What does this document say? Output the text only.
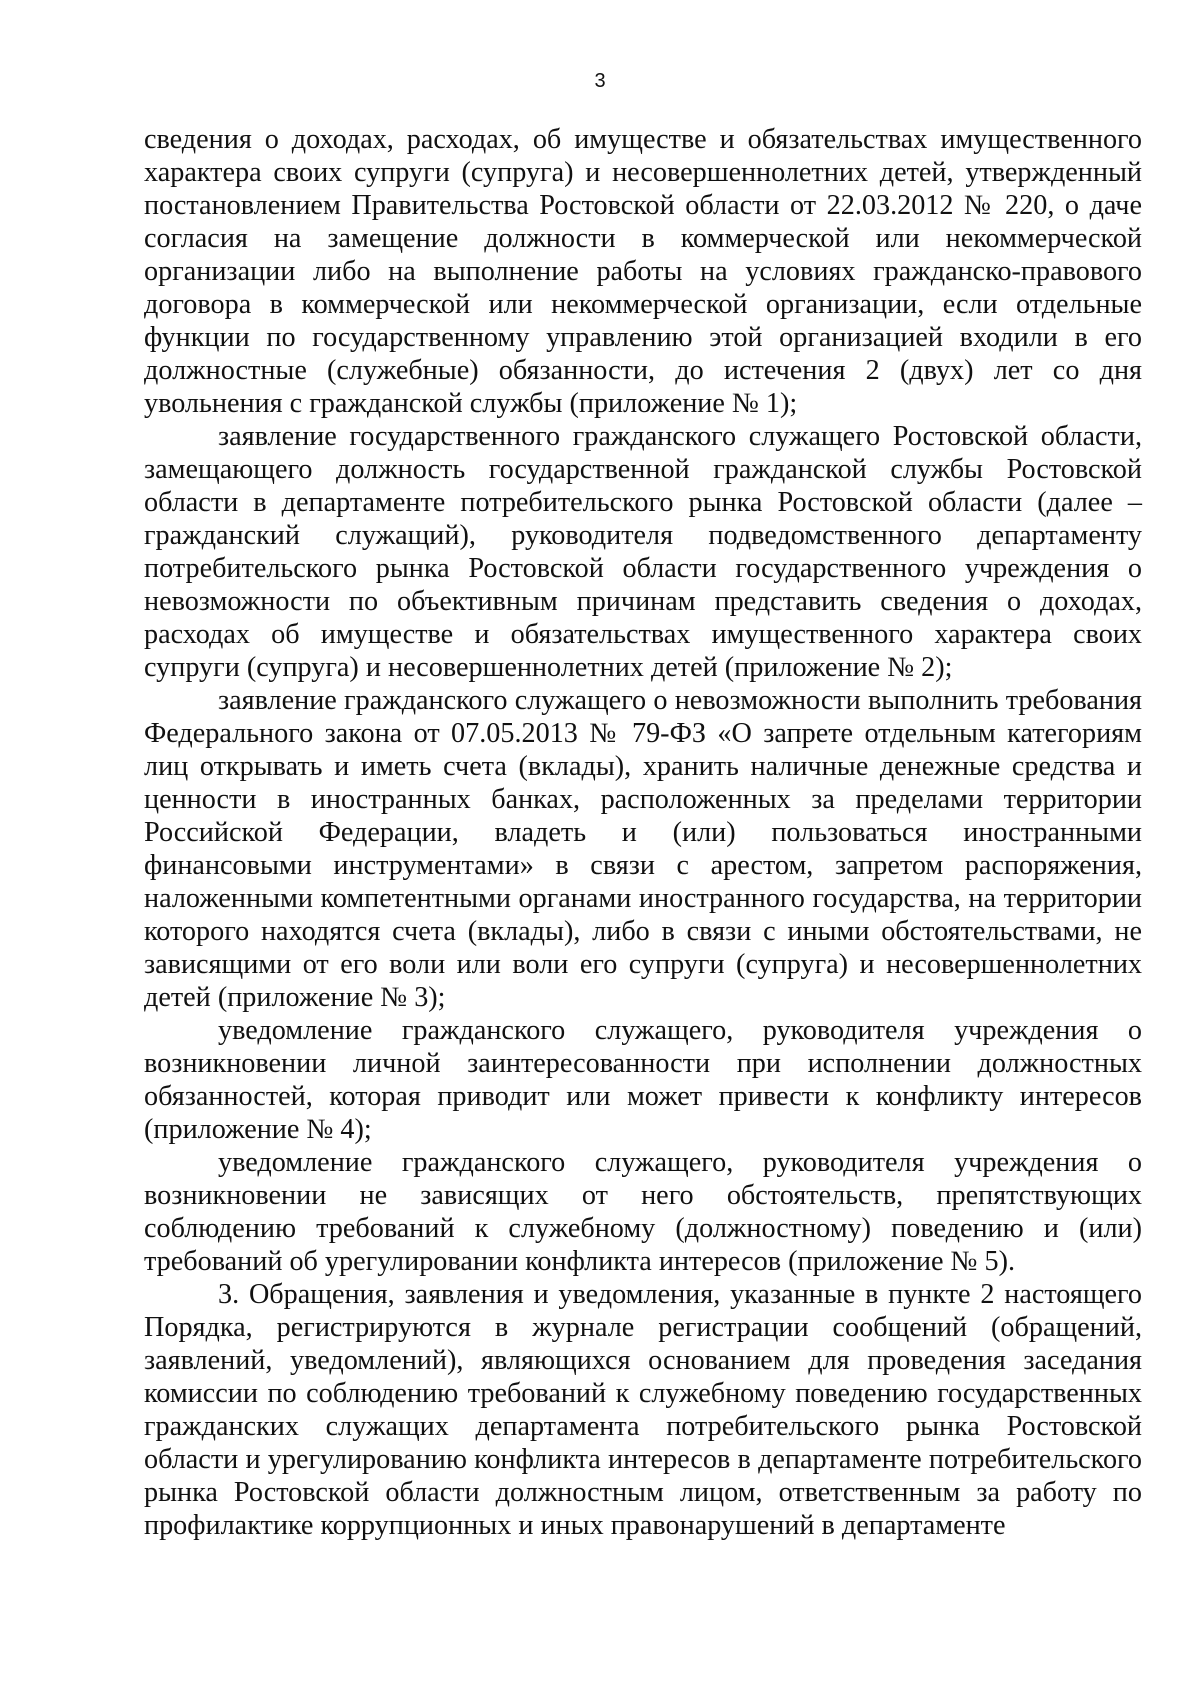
3

сведения о доходах, расходах, об имуществе и обязательствах имущественного характера своих супруги (супруга) и несовершеннолетних детей, утвержденный постановлением Правительства Ростовской области от 22.03.2012 № 220, о даче согласия на замещение должности в коммерческой или некоммерческой организации либо на выполнение работы на условиях гражданско-правового договора в коммерческой или некоммерческой организации, если отдельные функции по государственному управлению этой организацией входили в его должностные (служебные) обязанности, до истечения 2 (двух) лет со дня увольнения с гражданской службы (приложение № 1);

заявление государственного гражданского служащего Ростовской области, замещающего должность государственной гражданской службы Ростовской области в департаменте потребительского рынка Ростовской области (далее – гражданский служащий), руководителя подведомственного департаменту потребительского рынка Ростовской области государственного учреждения о невозможности по объективным причинам представить сведения о доходах, расходах об имуществе и обязательствах имущественного характера своих супруги (супруга) и несовершеннолетних детей (приложение № 2);

заявление гражданского служащего о невозможности выполнить требования Федерального закона от 07.05.2013 № 79-ФЗ «О запрете отдельным категориям лиц открывать и иметь счета (вклады), хранить наличные денежные средства и ценности в иностранных банках, расположенных за пределами территории Российской Федерации, владеть и (или) пользоваться иностранными финансовыми инструментами» в связи с арестом, запретом распоряжения, наложенными компетентными органами иностранного государства, на территории которого находятся счета (вклады), либо в связи с иными обстоятельствами, не зависящими от его воли или воли его супруги (супруга) и несовершеннолетних детей (приложение № 3);

уведомление гражданского служащего, руководителя учреждения о возникновении личной заинтересованности при исполнении должностных обязанностей, которая приводит или может привести к конфликту интересов (приложение № 4);

уведомление гражданского служащего, руководителя учреждения о возникновении не зависящих от него обстоятельств, препятствующих соблюдению требований к служебному (должностному) поведению и (или) требований об урегулировании конфликта интересов (приложение № 5).

3. Обращения, заявления и уведомления, указанные в пункте 2 настоящего Порядка, регистрируются в журнале регистрации сообщений (обращений, заявлений, уведомлений), являющихся основанием для проведения заседания комиссии по соблюдению требований к служебному поведению государственных гражданских служащих департамента потребительского рынка Ростовской области и урегулированию конфликта интересов в департаменте потребительского рынка Ростовской области должностным лицом, ответственным за работу по профилактике коррупционных и иных правонарушений в департаменте
